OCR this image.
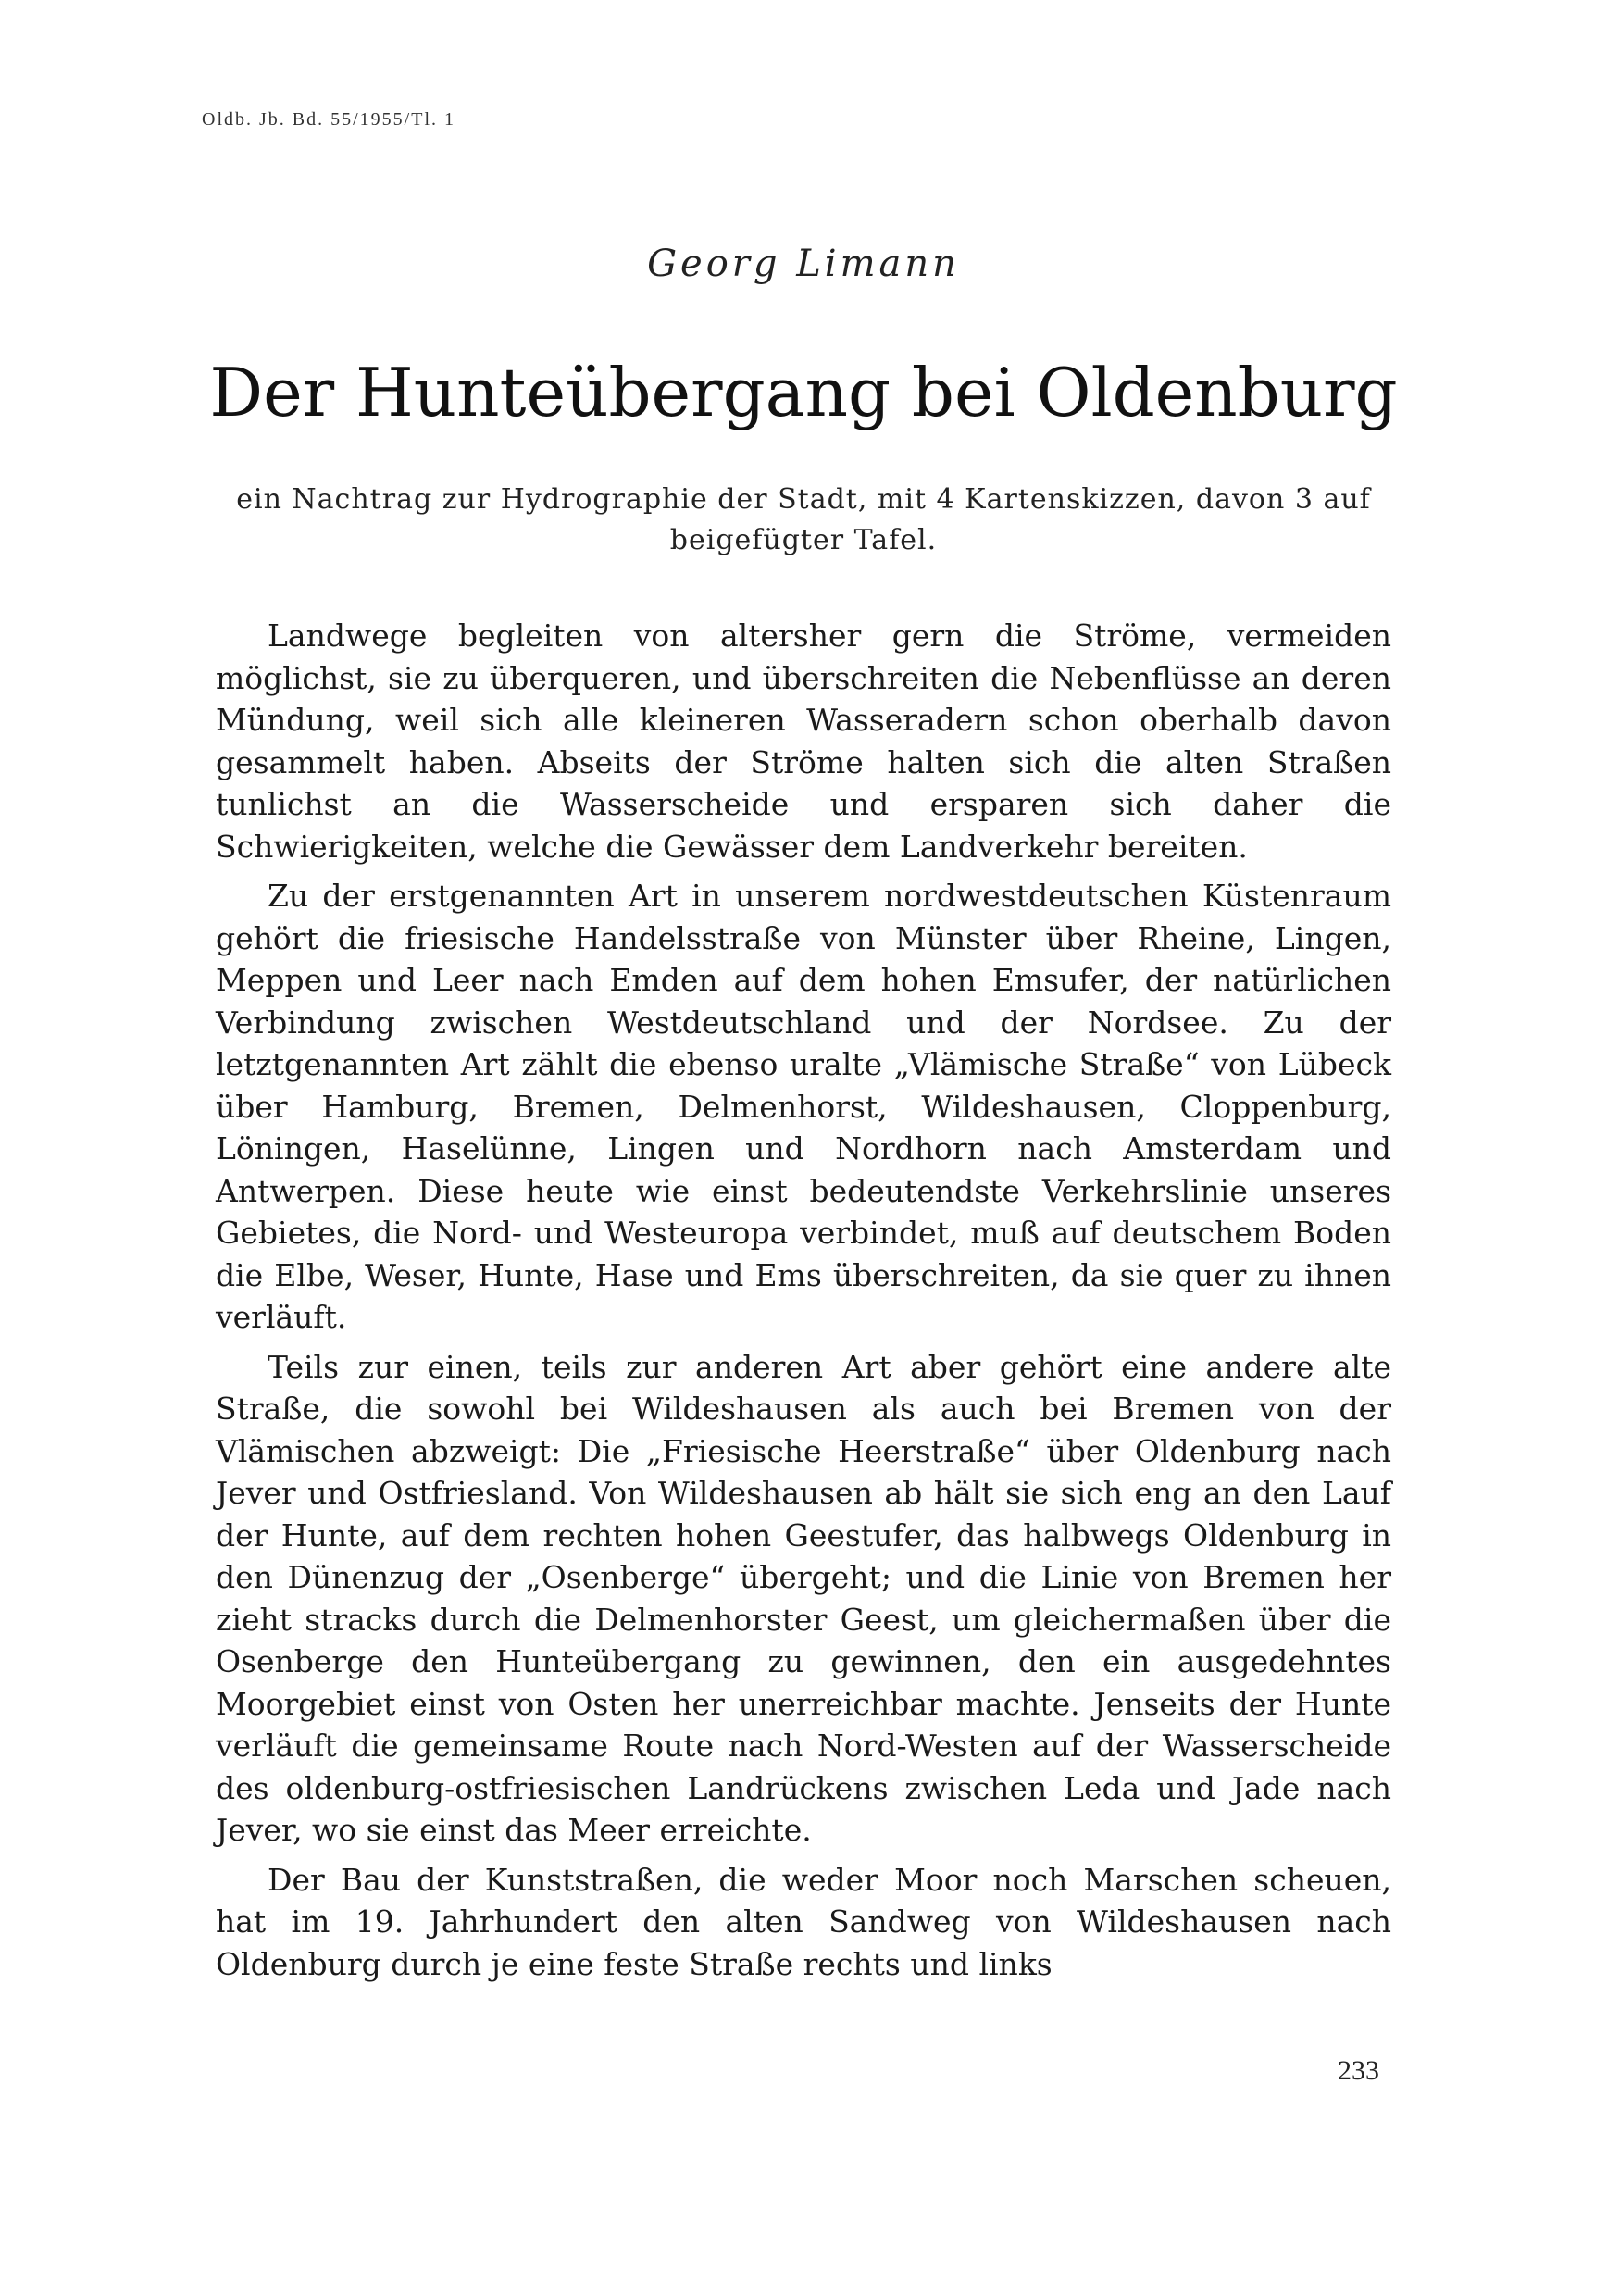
Oldb. Jb. Bd. 55/1955/Tl. 1
Georg Limann
Der Hunteübergang bei Oldenburg

ein Nachtrag zur Hydrographie der Stadt, mit 4 Kartenskizzen, davon 3 auf beigefügter Tafel.

Landwege begleiten von altersher gern die Ströme, vermeiden möglichst, sie zu überqueren, und überschreiten die Nebenflüsse an deren Mündung, weil sich alle kleineren Wasseradern schon oberhalb davon gesammelt haben. Abseits der Ströme halten sich die alten Straßen tunlichst an die Wasserscheide und ersparen sich daher die Schwierigkeiten, welche die Gewässer dem Landverkehr bereiten.

Zu der erstgenannten Art in unserem nordwestdeutschen Küstenraum gehört die friesische Handelsstraße von Münster über Rheine, Lingen, Meppen und Leer nach Emden auf dem hohen Emsufer, der natürlichen Verbindung zwischen Westdeutschland und der Nordsee. Zu der letztgenannten Art zählt die ebenso uralte „Vlämische Straße“ von Lübeck über Hamburg, Bremen, Delmenhorst, Wildeshausen, Cloppenburg, Löningen, Haselünne, Lingen und Nordhorn nach Amsterdam und Antwerpen. Diese heute wie einst bedeutendste Verkehrslinie unseres Gebietes, die Nord- und Westeuropa verbindet, muß auf deutschem Boden die Elbe, Weser, Hunte, Hase und Ems überschreiten, da sie quer zu ihnen verläuft.

Teils zur einen, teils zur anderen Art aber gehört eine andere alte Straße, die sowohl bei Wildeshausen als auch bei Bremen von der Vlämischen abzweigt: Die „Friesische Heerstraße“ über Oldenburg nach Jever und Ostfriesland. Von Wildeshausen ab hält sie sich eng an den Lauf der Hunte, auf dem rechten hohen Geestufer, das halbwegs Oldenburg in den Dünenzug der „Osenberge“ übergeht; und die Linie von Bremen her zieht stracks durch die Delmenhorster Geest, um gleichermaßen über die Osenberge den Hunteübergang zu gewinnen, den ein ausgedehntes Moorgebiet einst von Osten her unerreichbar machte. Jenseits der Hunte verläuft die gemeinsame Route nach Nord-Westen auf der Wasserscheide des oldenburg-ostfriesischen Landrückens zwischen Leda und Jade nach Jever, wo sie einst das Meer erreichte.

Der Bau der Kunststraßen, die weder Moor noch Marschen scheuen, hat im 19. Jahrhundert den alten Sandweg von Wildeshausen nach Oldenburg durch je eine feste Straße rechts und links

233
